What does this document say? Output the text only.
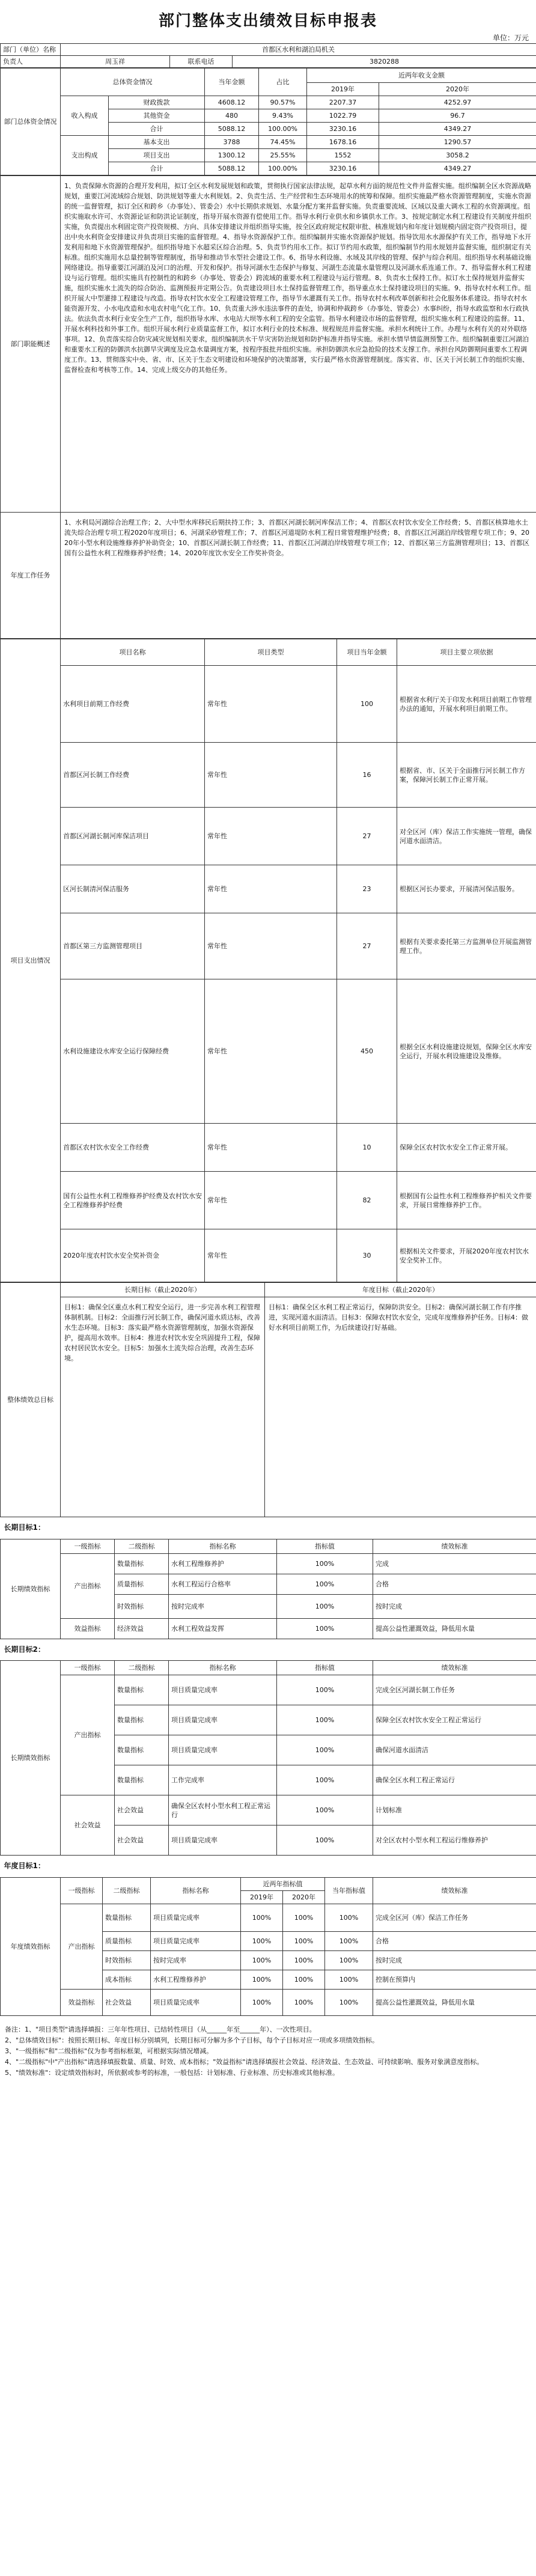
部门整体支出绩效目标申报表
单位：万元
部门（单位）名称	首都区水利和湖泊局机关		
负责人	周玉祥	联系电话	3820288
部门总体资金情况	总体资金情况		当年金额	占比	近两年收支金额	
					2019年	2020年
	收入构成	财政拨款	4608.12	90.57%	2207.37	4252.97
		其他资金	480	9.43%	1022.79	96.7
		合计	5088.12	100.00%	3230.16	4349.27
	支出构成	基本支出	3788	74.45%	1678.16	1290.57
		项目支出	1300.12	25.55%	1552	3058.2
		合计	5088.12	100.00%	3230.16	4349.27
部门职能概述	1、负责保障水资源的合理开发利用，拟订全区水利发展规划和政策，贯彻执行国家法律法规，起草水利方面的规范性文件并监督实施。组织编制全区水资源战略规划，重要江河流域综合规划、防洪规划等重大水利规划。2、负责生活、生产经营和生态环境用水的统筹和保障。组织实施最严格水资源管理制度，实施水资源的统一监督管理，拟订全区和跨乡（办事处）、管委会）水中长期供求规划、水量分配方案并监督实施。负责重要流域、区域以及重大调水工程的水资源调度。组织实施取水许可、水资源论证和防洪论证制度，指导开展水资源有偿使用工作。指导水利行业供水和乡镇供水工作。3、按规定制定水利工程建设有关制度并组织实施，负责提出水利固定资产投资规模、方向、具体安排建议并组织指导实施，按全区政府规定权限审批、核准规划内和年度计划规模内固定资产投资项目，提出中央水利资金安排建议并负责项目实施的监督管理。4、指导水资源保护工作。组织编制并实施水资源保护规划。指导饮用水水源保护有关工作，指导地下水开发利用和地下水资源管理保护。组织指导地下水超采区综合治理。5、负责节约用水工作。拟订节约用水政策，组织编制节约用水规划并监督实施，组织制定有关标准。组织实施用水总量控制等管理制度，指导和推动节水型社会建设工作。6、指导水利设施、水域及其岸线的管理、保护与综合利用。组织指导水利基础设施网络建设。指导重要江河湖泊及河口的治理、开发和保护。指导河湖水生态保护与修复、河湖生态流量水量管理以及河湖水系连通工作。7、指导监督水利工程建设与运行管理。组织实施具有控制性的和跨乡（办事处、管委会）跨流域的重要水利工程建设与运行管理。8、负责水土保持工作。拟订水土保持规划并监督实施，组织实施水土流失的综合防治、监测预报并定期公告。负责建设项目水土保持监督管理工作，指导重点水土保持建设项目的实施。9、指导农村水利工作。组织开展大中型灌排工程建设与改造。指导农村饮水安全工程建设管理工作，指导节水灌溉有关工作。指导农村水利改革创新和社会化服务体系建设。指导农村水能资源开发、小水电改造和水电农村电气化工作。10、负责重大涉水违法事件的查处，协调和仲裁跨乡（办事处、管委会）水事纠纷，指导水政监察和水行政执法。依法负责水利行业安全生产工作，组织指导水库、水电站大坝等水利工程的安全监管。指导水利建设市场的监督管理，组织实施水利工程建设的监督。11、开展水利科技和外事工作。组织开展水利行业质量监督工作，拟订水利行业的技术标准、规程规范并监督实施。承担水利统计工作。办理与水利有关的对外联络事项。12、负责落实综合防灾减灾规划相关要求，组织编制洪水干旱灾害防治规划和防护标准并指导实施。承担水情旱情监测预警工作。组织编制重要江河湖泊和重要水工程的防御洪水抗御旱灾调度及应急水量调度方案，按程序报批并组织实施。承担防御洪水应急抢险的技术支撑工作。承担台风防御期间重要水工程调度工作。13、贯彻落实中央、省、市、区关于生态文明建设和环境保护的决策部署，实行最严格水资源管理制度。落实省、市、区关于河长制工作的组织实施、监督检查和考核等工作。14、完成上级交办的其他任务。
年度工作任务	1、水利局河湖综合治理工作；2、大中型水库移民后期扶持工作；3、首都区河湖长制河库保洁工作；4、首都区农村饮水安全工作经费；5、首都区核算地水土流失综合治理专项工程2020年度项目；6、河湖采砂管理工作；7、首都区河道堤防水利工程日常管理维护经费；8、首都区江河湖泊岸线管理专项工作；9、2020年小型水利设施维修养护补助资金；10、首都区河湖长制工作经费；11、首都区江河湖泊岸线管理专项工作；12、首都区第三方监测管理项目；13、首都区国有公益性水利工程维修养护经费；14、2020年度饮水安全工作奖补资金。
项目支出情况	项目名称	项目类型	项目当年金额	项目主要立项依据
	水利项目前期工作经费	常年性	100	根据省水利厅关于印发水利项目前期工作管理办法的通知，开展水利项目前期工作。
	首都区河长制工作经费	常年性	16	根据省、市、区关于全面推行河长制工作方案，保障河长制工作正常开展。
	首都区河湖长制河库保洁项目	常年性	27	对全区河（库）保洁工作实施统一管理，确保河道水面清洁。
	区河长制清河保洁服务	常年性	23	根据区河长办要求，开展清河保洁服务。
	首都区第三方监测管理项目	常年性	27	根据有关要求委托第三方监测单位开展监测管理工作。
	水利设施建设水库安全运行保障经费	常年性	450	根据全区水利设施建设规划，保障全区水库安全运行，开展水利设施建设及维修。
	首都区农村饮水安全工作经费	常年性	10	保障全区农村饮水安全工作正常开展。
	国有公益性水利工程维修养护经费及农村饮水安全工程维修养护经费	常年性	82	根据国有公益性水利工程维修养护相关文件要求，开展日常维修养护工作。
	2020年度农村饮水安全奖补资金	常年性	30	根据相关文件要求，开展2020年度农村饮水安全奖补工作。
整体绩效总目标	长期目标（截止2020年）	年度目标（截止2020年）
	目标1：确保全区重点水利工程安全运行，进一步完善水利工程管理体制机制。目标2：全面推行河长制工作，确保河道水质达标，改善水生态环境。目标3：落实最严格水资源管理制度，加强水资源保护，提高用水效率。目标4：推进农村饮水安全巩固提升工程，保障农村居民饮水安全。目标5：加强水土流失综合治理，改善生态环境。	目标1：确保全区水利工程正常运行，保障防洪安全。目标2：确保河湖长制工作有序推进，实现河道水面清洁。目标3：保障农村饮水安全，完成年度维修养护任务。目标4：做好水利项目前期工作，为后续建设打好基础。
长期目标1：					
长期绩效指标	一级指标	二级指标	指标名称	指标值	绩效标准
	产出指标	数量指标	水利工程维修养护	100%	完成
		质量指标	水利工程运行合格率	100%	合格
		时效指标	按时完成率	100%	按时完成
	效益指标	经济效益	水利工程效益发挥	100%	提高公益性灌溉效益，降低用水量
长期目标2：					
长期绩效指标	一级指标	二级指标	指标名称	指标值	绩效标准
	产出指标	数量指标	项目质量完成率	100%	完成全区河湖长制工作任务
		数量指标	项目质量完成率	100%	保障全区农村饮水安全工程正常运行
		数量指标	项目质量完成率	100%	确保河道水面清洁
		数量指标	工作完成率	100%	确保全区水利工程正常运行
	社会效益	社会效益	确保全区农村小型水利工程正常运行	100%	计划标准
		社会效益	项目质量完成率	100%	对全区农村小型水利工程运行维修养护
年度目标1：							
年度绩效指标	一级指标	二级指标	指标名称	近两年指标值		当年指标值	绩效标准
				2019年	2020年		
	产出指标	数量指标	项目质量完成率	100%	100%	100%	完成全区河（库）保洁工作任务
		质量指标	项目质量完成率	100%	100%	100%	合格
		时效指标	按时完成率	100%	100%	100%	按时完成
		成本指标	水利工程维修养护	100%	100%	100%	控制在预算内
	效益指标	社会效益	项目质量完成率	100%	100%	100%	提高公益性灌溉效益，降低用水量
备注：1、"项目类型"请选择填报：三年年性项目、已结转性项目（从______年至______年）、一次性项目。
2、"总体绩效目标"：按照长期目标、年度目标分别填列，长期目标可分解为多个子目标，每个子目标对应一项或多项绩效指标。
3、"一级指标"和"二级指标"仅为参考指标框架，可根据实际情况增减。
4、"二级指标"中"产出指标"请选择填报数量、质量、时效、成本指标；"效益指标"请选择填报社会效益、经济效益、生态效益、可持续影响、服务对象满意度指标。
5、"绩效标准"：设定绩效指标时，所依据或参考的标准，一般包括：计划标准、行业标准、历史标准或其他标准。
